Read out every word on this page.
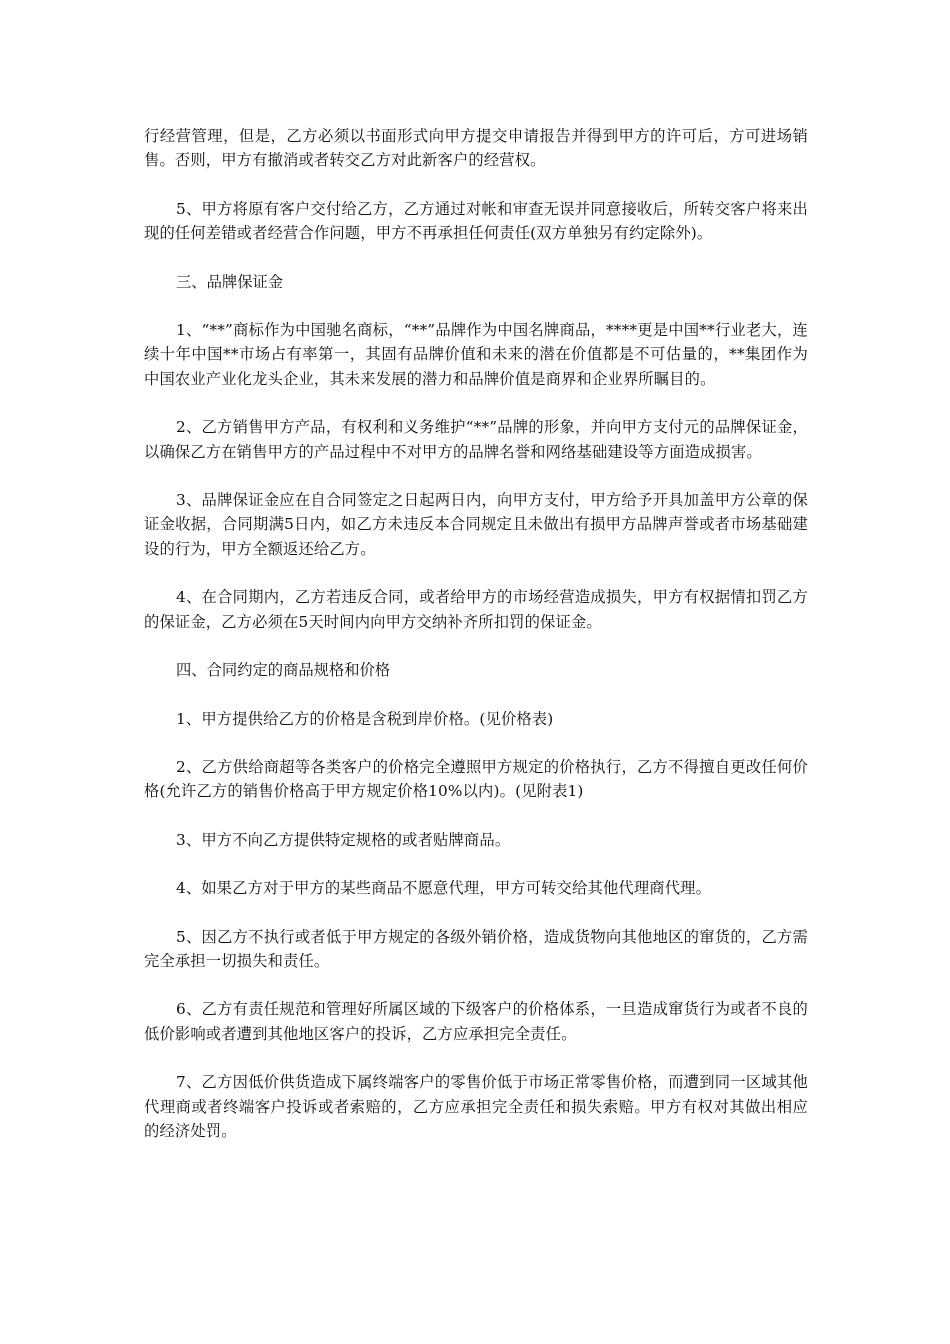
行经营管理，但是，乙方必须以书面形式向甲方提交申请报告并得到甲方的许可后，方可进场销售。否则，甲方有撤消或者转交乙方对此新客户的经营权。

5、甲方将原有客户交付给乙方，乙方通过对帐和审查无误并同意接收后，所转交客户将来出现的任何差错或者经营合作问题，甲方不再承担任何责任(双方单独另有约定除外)。

三、品牌保证金

1、“**”商标作为中国驰名商标，“**”品牌作为中国名牌商品，****更是中国**行业老大，连续十年中国**市场占有率第一，其固有品牌价值和未来的潜在价值都是不可估量的，**集团作为中国农业产业化龙头企业，其未来发展的潜力和品牌价值是商界和企业界所瞩目的。

2、乙方销售甲方产品，有权利和义务维护“**”品牌的形象，并向甲方支付元的品牌保证金，以确保乙方在销售甲方的产品过程中不对甲方的品牌名誉和网络基础建设等方面造成损害。

3、品牌保证金应在自合同签定之日起两日内，向甲方支付，甲方给予开具加盖甲方公章的保证金收据，合同期满5日内，如乙方未违反本合同规定且未做出有损甲方品牌声誉或者市场基础建设的行为，甲方全额返还给乙方。

4、在合同期内，乙方若违反合同，或者给甲方的市场经营造成损失，甲方有权据情扣罚乙方的保证金，乙方必须在5天时间内向甲方交纳补齐所扣罚的保证金。

四、合同约定的商品规格和价格

1、甲方提供给乙方的价格是含税到岸价格。(见价格表)

2、乙方供给商超等各类客户的价格完全遵照甲方规定的价格执行，乙方不得擅自更改任何价格(允许乙方的销售价格高于甲方规定价格10%以内)。(见附表1)

3、甲方不向乙方提供特定规格的或者贴牌商品。

4、如果乙方对于甲方的某些商品不愿意代理，甲方可转交给其他代理商代理。

5、因乙方不执行或者低于甲方规定的各级外销价格，造成货物向其他地区的窜货的，乙方需完全承担一切损失和责任。

6、乙方有责任规范和管理好所属区域的下级客户的价格体系，一旦造成窜货行为或者不良的低价影响或者遭到其他地区客户的投诉，乙方应承担完全责任。

7、乙方因低价供货造成下属终端客户的零售价低于市场正常零售价格，而遭到同一区域其他代理商或者终端客户投诉或者索赔的，乙方应承担完全责任和损失索赔。甲方有权对其做出相应的经济处罚。
